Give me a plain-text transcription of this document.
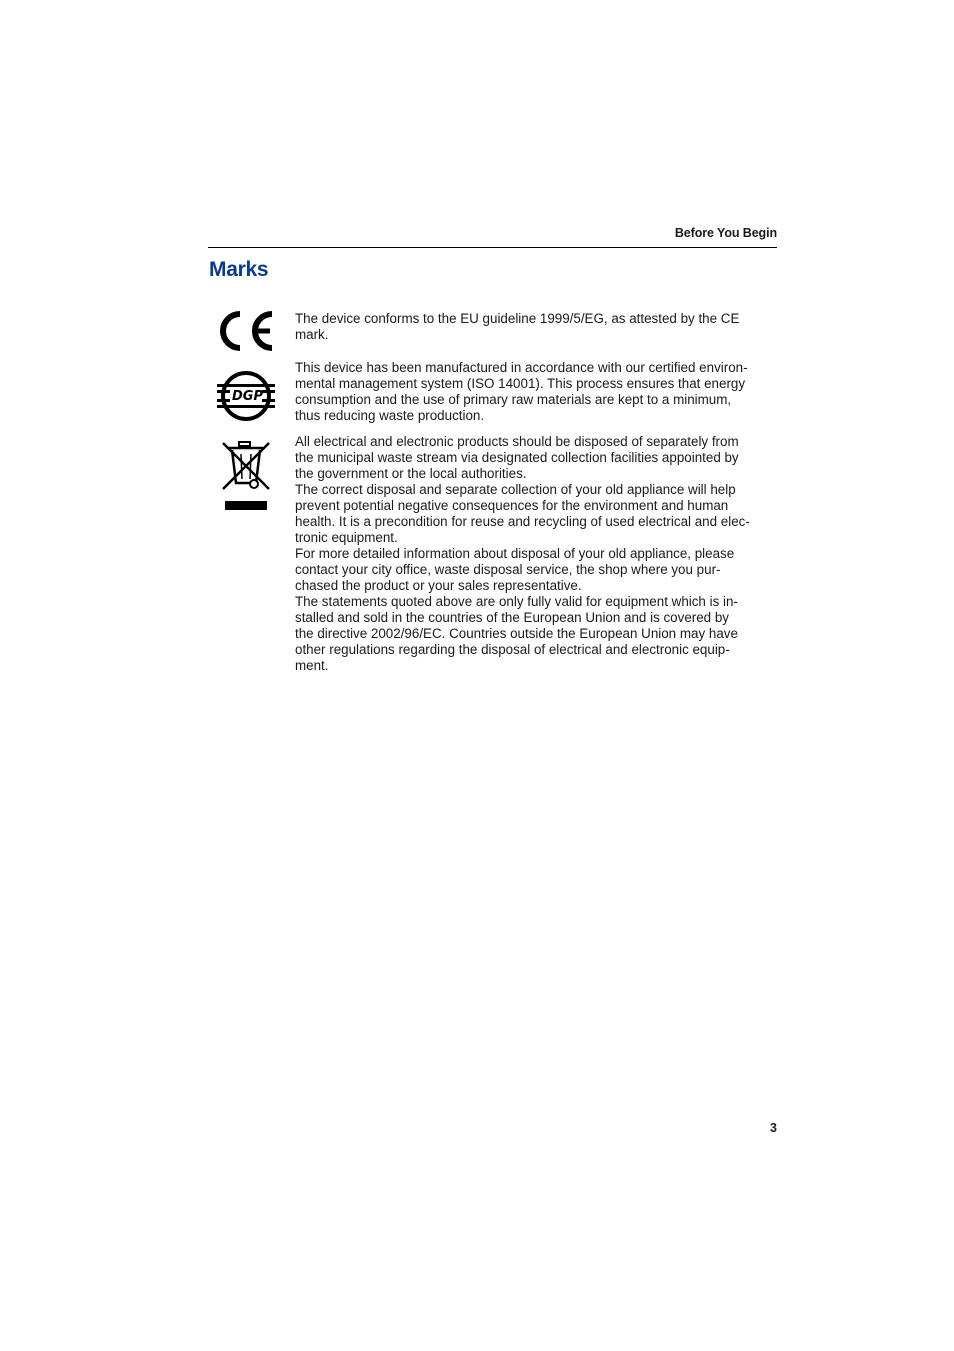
Before You Begin
Marks
DGP
The device conforms to the EU guideline 1999/5/EG, as attested by the CE
mark.
This device has been manufactured in accordance with our certified environ-
mental management system (ISO 14001). This process ensures that energy
consumption and the use of primary raw materials are kept to a minimum,
thus reducing waste production.
All electrical and electronic products should be disposed of separately from
the municipal waste stream via designated collection facilities appointed by
the government or the local authorities.
The correct disposal and separate collection of your old appliance will help
prevent potential negative consequences for the environment and human
health. It is a precondition for reuse and recycling of used electrical and elec-
tronic equipment.
For more detailed information about disposal of your old appliance, please
contact your city office, waste disposal service, the shop where you pur-
chased the product or your sales representative.
The statements quoted above are only fully valid for equipment which is in-
stalled and sold in the countries of the European Union and is covered by
the directive 2002/96/EC. Countries outside the European Union may have
other regulations regarding the disposal of electrical and electronic equip-
ment.
3
